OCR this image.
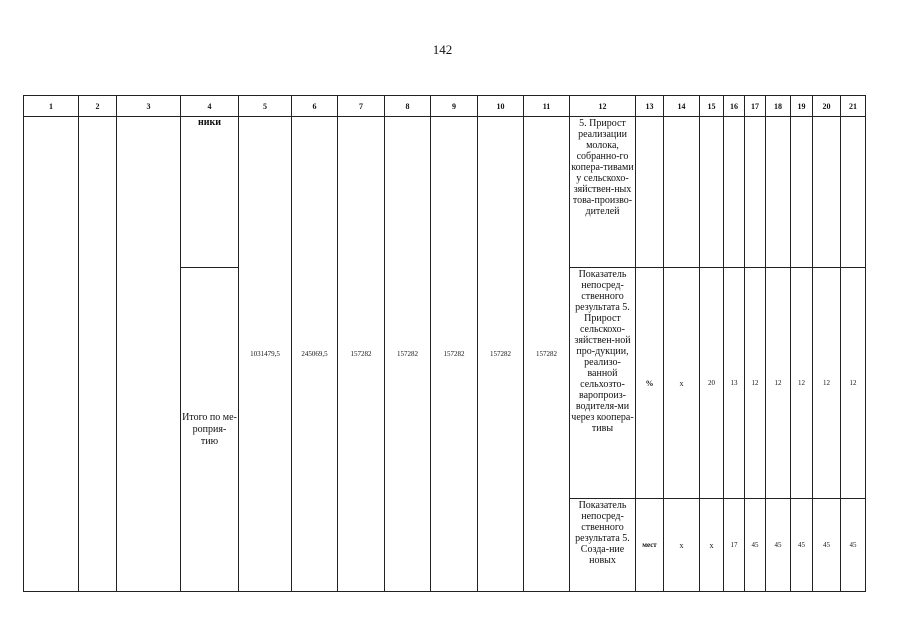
142
1	2	3	4	5	6	7	8	9	10	11	12	13	14	15	16	17	18	19	20	21
			ники	1031479,5	245069,5	157282	157282	157282	157282	157282	5. Прирост реализации молока, собранно-го копера-тивами у сельскохо-зяйствен-ных това-произво-дителей									
			Итого по ме-
роприя-
тию								Показатель непосред-ственного результата 5. Прирост сельскохо-зяйствен-ной про-дукции, реализо-ванной сельхозто-варопроиз-водителя-ми через коопера-тивы	%	х	20	13	12	12	12	12	12
											Показатель непосред-ственного результата 5. Созда-ние новых	мест	х	х	17	45	45	45	45	45
